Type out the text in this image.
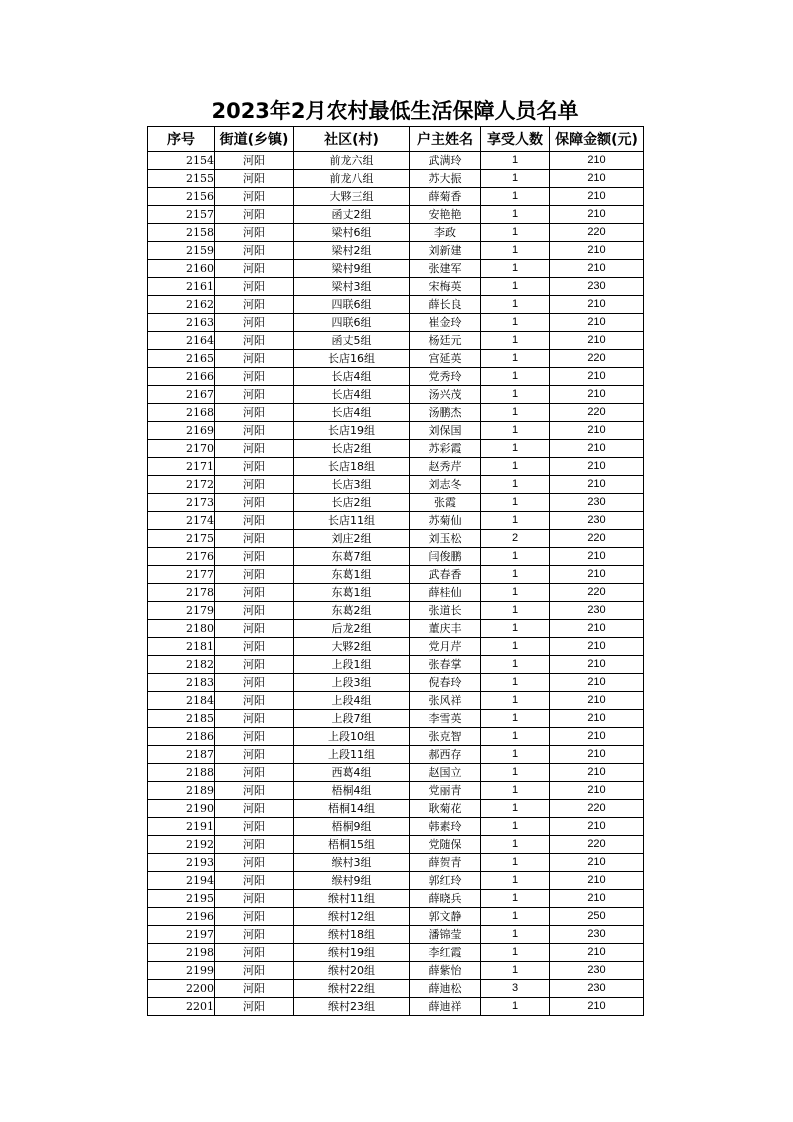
2023年2月农村最低生活保障人员名单
序号	街道(乡镇)	社区(村)	户主姓名	享受人数	保障金额(元)
2154	河阳	前龙六组	武满玲	1	210
2155	河阳	前龙八组	苏大振	1	210
2156	河阳	大夥三组	薛菊香	1	210
2157	河阳	函丈2组	安艳艳	1	210
2158	河阳	梁村6组	李政	1	220
2159	河阳	梁村2组	刘新建	1	210
2160	河阳	梁村9组	张建军	1	210
2161	河阳	梁村3组	宋梅英	1	230
2162	河阳	四联6组	薛长良	1	210
2163	河阳	四联6组	崔金玲	1	210
2164	河阳	函丈5组	杨廷元	1	210
2165	河阳	长店16组	宫延英	1	220
2166	河阳	长店4组	党秀玲	1	210
2167	河阳	长店4组	汤兴茂	1	210
2168	河阳	长店4组	汤鹏杰	1	220
2169	河阳	长店19组	刘保国	1	210
2170	河阳	长店2组	苏彩霞	1	210
2171	河阳	长店18组	赵秀芹	1	210
2172	河阳	长店3组	刘志冬	1	210
2173	河阳	长店2组	张霞	1	230
2174	河阳	长店11组	苏菊仙	1	230
2175	河阳	刘庄2组	刘玉松	2	220
2176	河阳	东葛7组	闫俊鹏	1	210
2177	河阳	东葛1组	武春香	1	210
2178	河阳	东葛1组	薛桂仙	1	220
2179	河阳	东葛2组	张道长	1	230
2180	河阳	后龙2组	董庆丰	1	210
2181	河阳	大夥2组	党月芹	1	210
2182	河阳	上段1组	张春掌	1	210
2183	河阳	上段3组	倪春玲	1	210
2184	河阳	上段4组	张风祥	1	210
2185	河阳	上段7组	李雪英	1	210
2186	河阳	上段10组	张克智	1	210
2187	河阳	上段11组	郝西存	1	210
2188	河阳	西葛4组	赵国立	1	210
2189	河阳	梧桐4组	党丽青	1	210
2190	河阳	梧桐14组	耿菊花	1	220
2191	河阳	梧桐9组	韩素玲	1	210
2192	河阳	梧桐15组	党随保	1	220
2193	河阳	缑村3组	薛贺青	1	210
2194	河阳	缑村9组	郭红玲	1	210
2195	河阳	缑村11组	薛晓兵	1	210
2196	河阳	缑村12组	郭文静	1	250
2197	河阳	缑村18组	潘锦莹	1	230
2198	河阳	缑村19组	李红霞	1	210
2199	河阳	缑村20组	薛紫怡	1	230
2200	河阳	缑村22组	薛迪松	3	230
2201	河阳	缑村23组	薛迪祥	1	210
